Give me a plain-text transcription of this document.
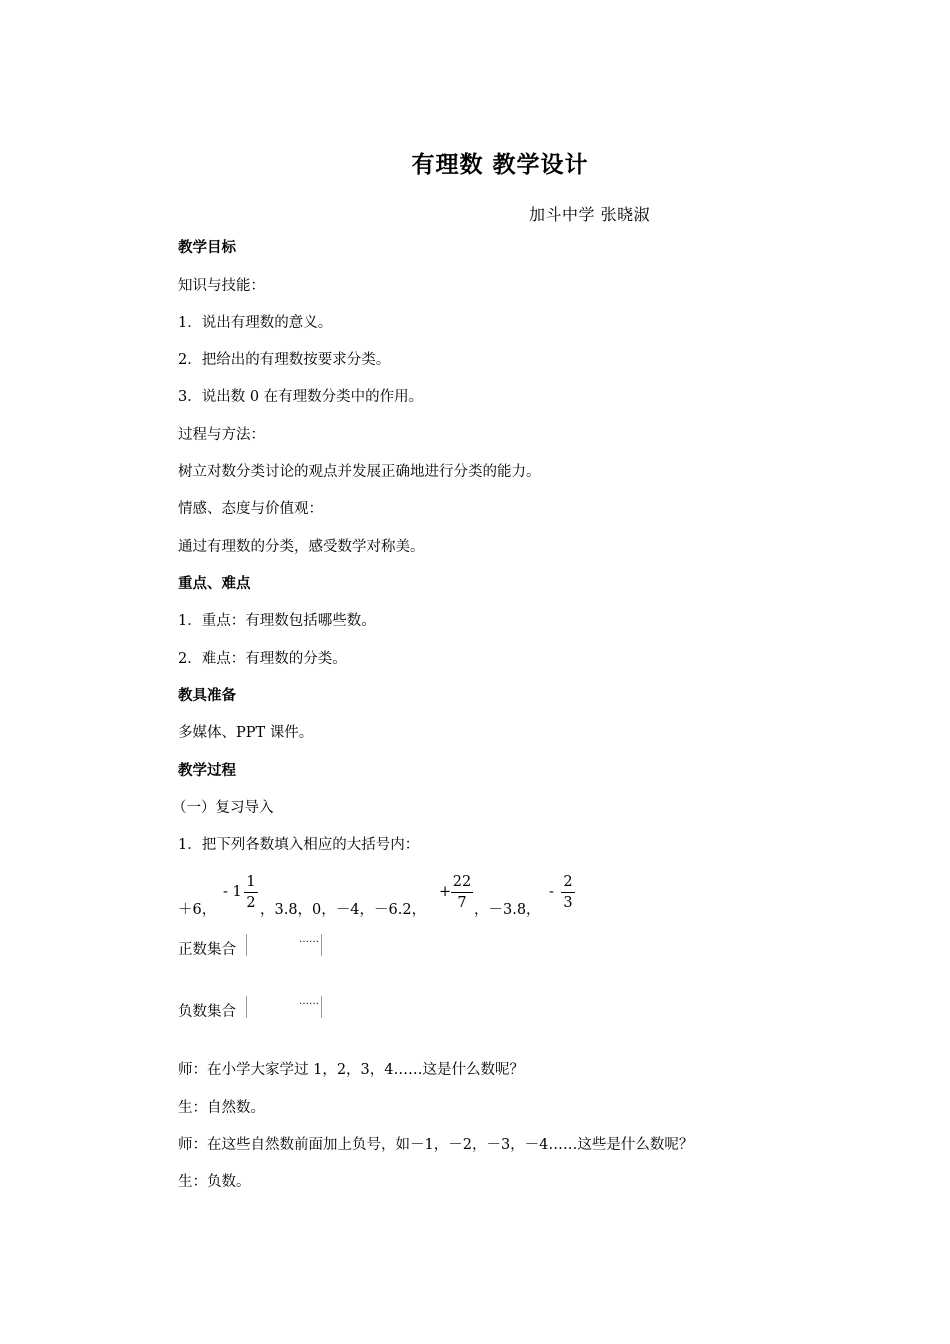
有理数 教学设计
加斗中学 张晓淑
教学目标
知识与技能：
1．说出有理数的意义。
2．把给出的有理数按要求分类。
3．说出数 0 在有理数分类中的作用。
过程与方法：
树立对数分类讨论的观点并发展正确地进行分类的能力。
情感、态度与价值观：
通过有理数的分类，感受数学对称美。
重点、难点
1．重点：有理数包括哪些数。
2．难点：有理数的分类。
教具准备
多媒体、PPT 课件。
教学过程
（一）复习导入
1．把下列各数填入相应的大括号内：
＋6，
- 1
1
2 ，3.8，0，－4，－6.2，
+
22
7 ，－3.8，
-
2
3
正数集合
……
负数集合
……
师：在小学大家学过 1，2，3，4……这是什么数呢？
生：自然数。
师：在这些自然数前面加上负号，如－1，－2，－3，－4……这些是什么数呢？
生：负数。
